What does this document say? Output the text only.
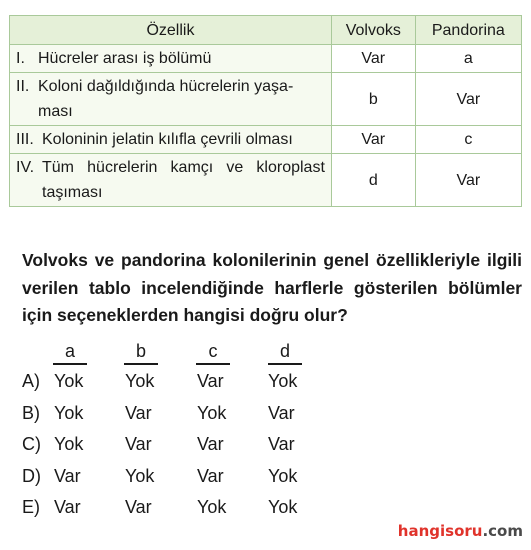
Özellik	Volvoks	Pandorina

I. Hücreler arası iş bölümü	Var	a

II. Koloni dağıldığında hücrelerin yaşa-
ması	b	Var

III. Koloninin jelatin kılıfla çevrili olması	Var	c

IV. Tüm hücrelerin kamçı ve kloroplast taşıması	d	Var
Volvoks ve pandorina kolonilerinin genel özellikleriyle ilgili verilen tablo incelendiğinde harflerle gösterilen bölümler için seçeneklerden hangisi doğru olur?
a	b	c	d
A) Yok Yok Var Yok
B) Yok Var	Yok Var
C) Yok Var	Var Var
D) Var Yok Var Yok
E) Var Var	Yok Yok
hangisoru.com
